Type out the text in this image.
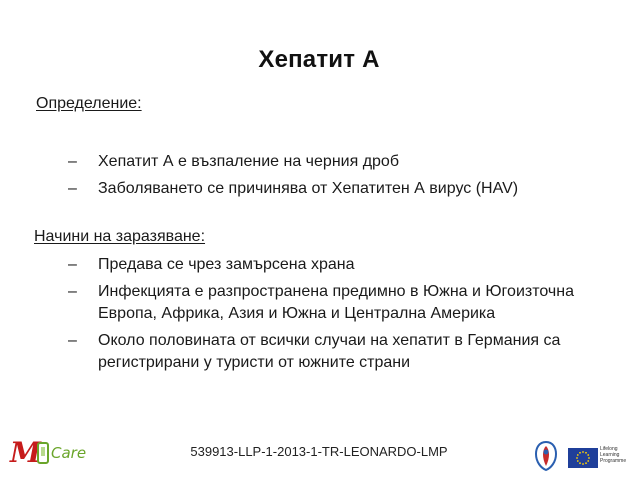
Хепатит А
Определение:
– Хепатит А е възпаление на черния дроб
– Заболяването се причинява от Хепатитен А вирус (HAV)
Начини на заразяване:
– Предава се чрез замърсена храна
– Инфекцията е разпространена предимно в Южна и Югоизточна Европа, Африка, Азия и Южна и Централна Америка
– Около половината от всички случаи на хепатит в Германия са регистрирани у туристи от южните страни
M Care	539913-LLP-1-2013-1-TR-LEONARDO-LMP	Lifelong
Learning
Programme
